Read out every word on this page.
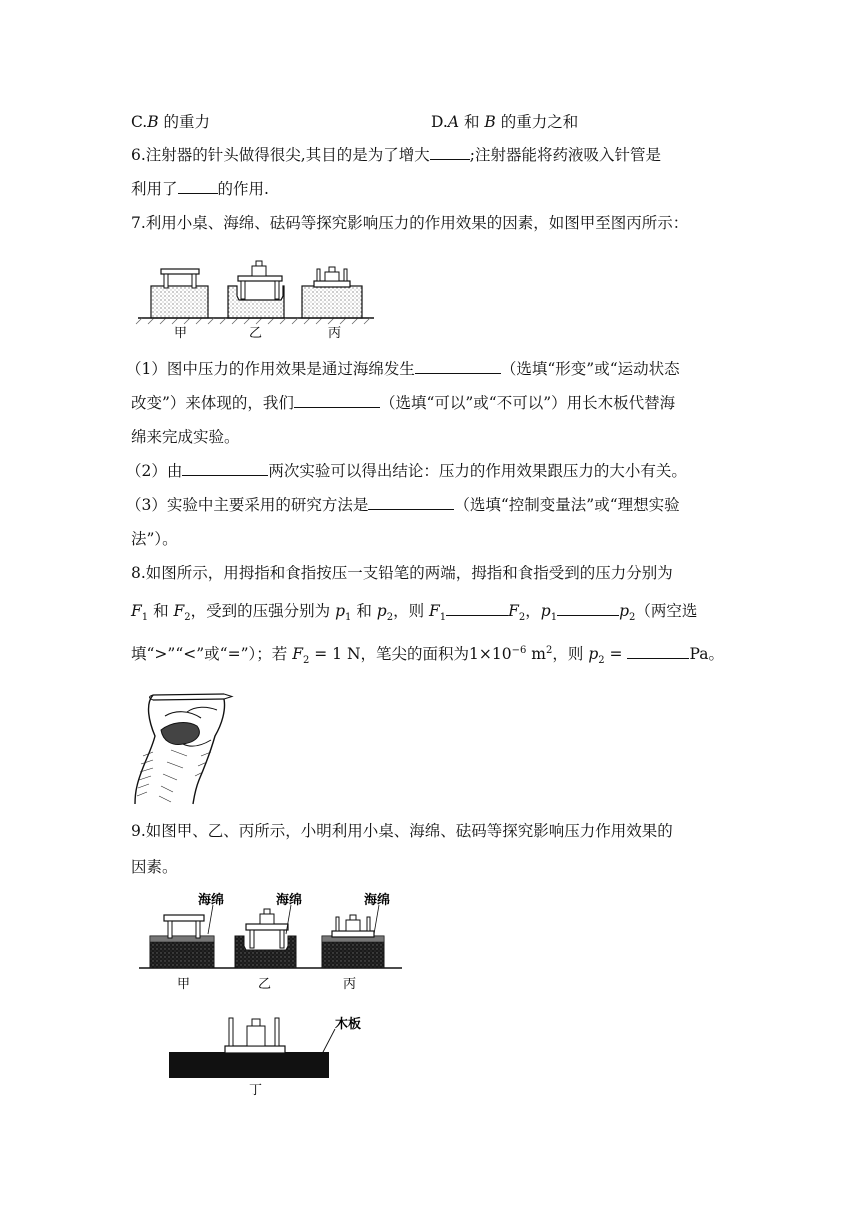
C.B 的重力	D.A 和 B 的重力之和
6.注射器的针头做得很尖,其目的是为了增大	;注射器能将药液吸入针管是
利用了	的作用.
7.利用小桌、海绵、砝码等探究影响压力的作用效果的因素，如图甲至图丙所示：
甲	乙	丙
（1）图中压力的作用效果是通过海绵发生	（选填“形变”或“运动状态
改变”）来体现的，我们	（选填“可以”或“不可以”）用长木板代替海
绵来完成实验。
（2）由	两次实验可以得出结论：压力的作用效果跟压力的大小有关。
（3）实验中主要采用的研究方法是	（选填“控制变量法”或“理想实验
法”）。
8.如图所示，用拇指和食指按压一支铅笔的两端，拇指和食指受到的压力分别为
$F_1$ 和 $F_2$，受到的压强分别为 $p_1$ 和 $p_2$，则 $F_1$	$F_2$，$p_1$	$p_2$（两空选
填“>”“<”或“=”）；若 $F_2 = 1$ N，笔尖的面积为$1\times 10^{-6}$ $m^2$，则 $p_2$ =	Pa。
9.如图甲、乙、丙所示，小明利用小桌、海绵、砝码等探究影响压力作用效果的
因素。
海绵	海绵	海绵
甲	乙	丙
木板
丁
